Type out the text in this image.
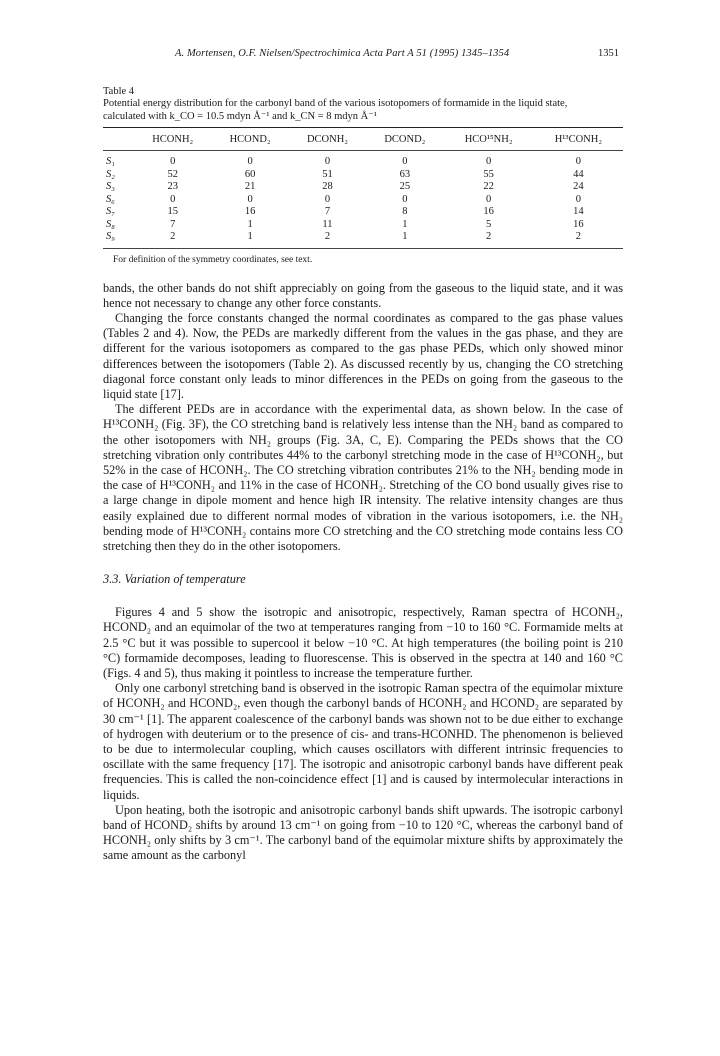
A. Mortensen, O.F. Nielsen/Spectrochimica Acta Part A 51 (1995) 1345–1354	1351
Table 4
Potential energy distribution for the carbonyl band of the various isotopomers of formamide in the liquid state,
calculated with k_CO = 10.5 mdyn Å⁻¹ and k_CN = 8 mdyn Å⁻¹
	HCONH₂	HCOND₂	DCONH₂	DCOND₂	HCO¹⁵NH₂	H¹³CONH₂

S₁	0	0	0	0	0	0
S₂	52	60	51	63	55	44
S₃	23	21	28	25	22	24
S₆	0	0	0	0	0	0
S₇	15	16	7	8	16	14
S₈	7	1	11	1	5	16
S₉	2	1	2	1	2	2

For definition of the symmetry coordinates, see text.

bands, the other bands do not shift appreciably on going from the gaseous to the liquid state, and it was hence not necessary to change any other force constants.

Changing the force constants changed the normal coordinates as compared to the gas phase values (Tables 2 and 4). Now, the PEDs are markedly different from the values in the gas phase, and they are different for the various isotopomers as compared to the gas phase PEDs, which only showed minor differences between the isotopomers (Table 2). As discussed recently by us, changing the CO stretching diagonal force constant only leads to minor differences in the PEDs on going from the gaseous to the liquid state [17].

The different PEDs are in accordance with the experimental data, as shown below. In the case of H¹³CONH₂ (Fig. 3F), the CO stretching band is relatively less intense than the NH₂ band as compared to the other isotopomers with NH₂ groups (Fig. 3A, C, E). Comparing the PEDs shows that the CO stretching vibration only contributes 44% to the carbonyl stretching mode in the case of H¹³CONH₂, but 52% in the case of HCONH₂. The CO stretching vibration contributes 21% to the NH₂ bending mode in the case of H¹³CONH₂ and 11% in the case of HCONH₂. Stretching of the CO bond usually gives rise to a large change in dipole moment and hence high IR intensity. The relative intensity changes are thus easily explained due to different normal modes of vibration in the various isotopomers, i.e. the NH₂ bending mode of H¹³CONH₂ contains more CO stretching and the CO stretching mode contains less CO stretching then they do in the other isotopomers.

3.3. Variation of temperature

Figures 4 and 5 show the isotropic and anisotropic, respectively, Raman spectra of HCONH₂, HCOND₂ and an equimolar of the two at temperatures ranging from −10 to 160 °C. Formamide melts at 2.5 °C but it was possible to supercool it below −10 °C. At high temperatures (the boiling point is 210 °C) formamide decomposes, leading to fluorescense. This is observed in the spectra at 140 and 160 °C (Figs. 4 and 5), thus making it pointless to increase the temperature further.

Only one carbonyl stretching band is observed in the isotropic Raman spectra of the equimolar mixture of HCONH₂ and HCOND₂, even though the carbonyl bands of HCONH₂ and HCOND₂ are separated by 30 cm⁻¹ [1]. The apparent coalescence of the carbonyl bands was shown not to be due either to exchange of hydrogen with deuterium or to the presence of cis- and trans-HCONHD. The phenomenon is believed to be due to intermolecular coupling, which causes oscillators with different intrinsic frequencies to oscillate with the same frequency [17]. The isotropic and anisotropic carbonyl bands have different peak frequencies. This is called the non-coincidence effect [1] and is caused by intermolecular interactions in liquids.

Upon heating, both the isotropic and anisotropic carbonyl bands shift upwards. The isotropic carbonyl band of HCOND₂ shifts by around 13 cm⁻¹ on going from −10 to 120 °C, whereas the carbonyl band of HCONH₂ only shifts by 3 cm⁻¹. The carbonyl band of the equimolar mixture shifts by approximately the same amount as the carbonyl
